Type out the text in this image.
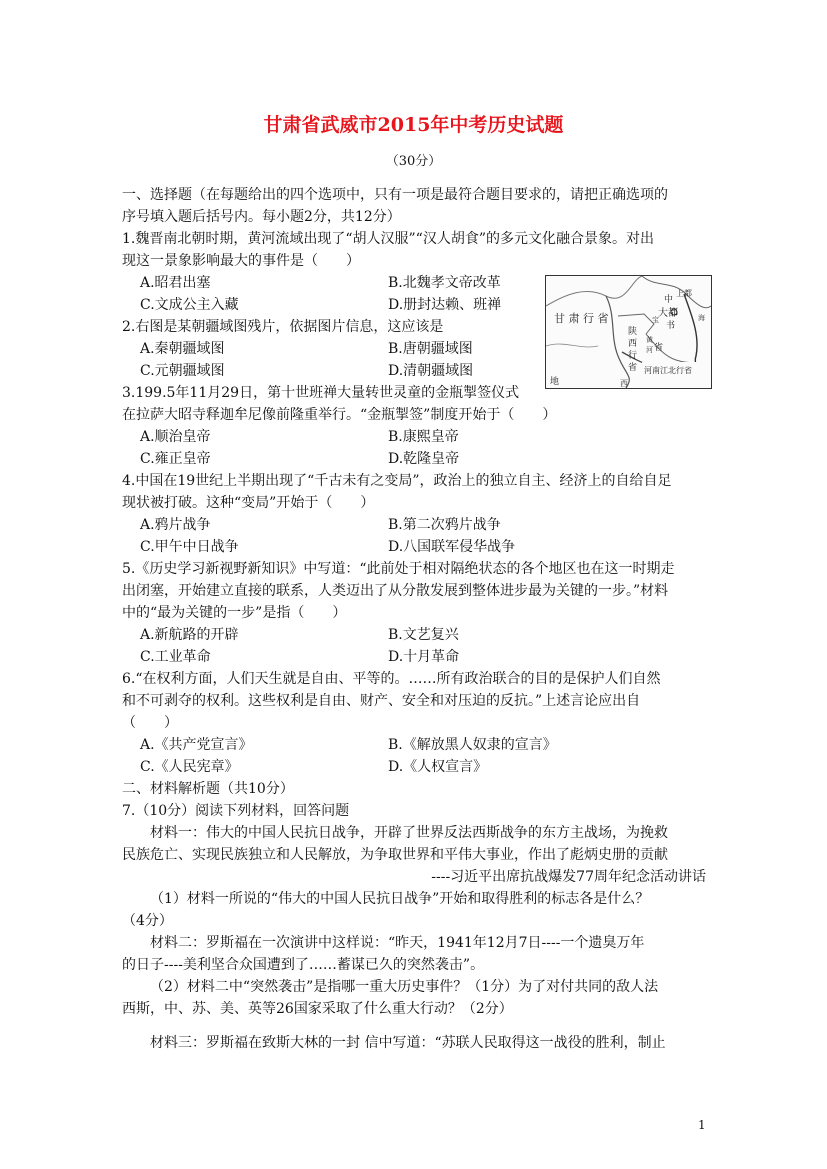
甘肃省武威市2015年中考历史试题
（30分）

一、选择题（在每题给出的四个选项中，只有一项是最符合题目要求的，请把正确选项的

序号填入题后括号内。每小题2分，共12分）

1.魏晋南北朝时期，黄河流域出现了“胡人汉服”“汉人胡食”的多元文化融合景象。对出

现这一景象影响最大的事件是（　　）

A.昭君出塞	B.北魏孝文帝改革
C.文成公主入藏	D.册封达赖、班禅

2.右图是某朝疆域图残片，依据图片信息，这应该是

A.秦朝疆域图	B.唐朝疆域图
C.元朝疆域图	D.清朝疆域图

3.199.5年11月29日，第十世班禅大量转世灵童的金瓶掣签仪式

在拉萨大昭寺释迦牟尼像前隆重举行。“金瓶掣签”制度开始于（　　）

A.顺治皇帝	B.康熙皇帝
C.雍正皇帝	D.乾隆皇帝

4.中国在19世纪上半期出现了“千古未有之变局”，政治上的独立自主、经济上的自给自足

现状被打破。这种“变局”开始于（　　）

A.鸦片战争	B.第二次鸦片战争
C.甲午中日战争	D.八国联军侵华战争

5.《历史学习新视野新知识》中写道：“此前处于相对隔绝状态的各个地区也在这一时期走

出闭塞，开始建立直接的联系，人类迈出了从分散发展到整体进步最为关键的一步。”材料

中的“最为关键的一步”是指（　　）

A.新航路的开辟	B.文艺复兴
C.工业革命	D.十月革命

6.“在权利方面，人们天生就是自由、平等的。……所有政治联合的目的是保护人们自然

和不可剥夺的权利。这些权利是自由、财产、安全和对压迫的反抗。”上述言论应出自

（　　）

A.《共产党宣言》	B.《解放黑人奴隶的宣言》
C.《人民宪章》	D.《人权宣言》

二、材料解析题（共10分）

7.（10分）阅读下列材料，回答问题

材料一：伟大的中国人民抗日战争，开辟了世界反法西斯战争的东方主战场，为挽救

民族危亡、实现民族独立和人民解放，为争取世界和平伟大事业，作出了彪炳史册的贡献

----习近平出席抗战爆发77周年纪念活动讲话

（1）材料一所说的“伟大的中国人民抗日战争”开始和取得胜利的标志各是什么？

（4分）

材料二：罗斯福在一次演讲中这样说：“昨天，1941年12月7日----一个遗臭万年

的日子----美利坚合众国遭到了……蓄谋已久的突然袭击”。

（2）材料二中“突然袭击”是指哪一重大历史事件？（1分）为了对付共同的敌人法

西斯，中、苏、美、英等26国家采取了什么重大行动？（2分）

材料三：罗斯福在致斯大林的一封 信中写道：“苏联人民取得这一战役的胜利，制止

甘 肃 行 省
陕
西
行
省
中
上都
大都
书
省
河南江北行省
地	西
宝
黄
河
海
1
